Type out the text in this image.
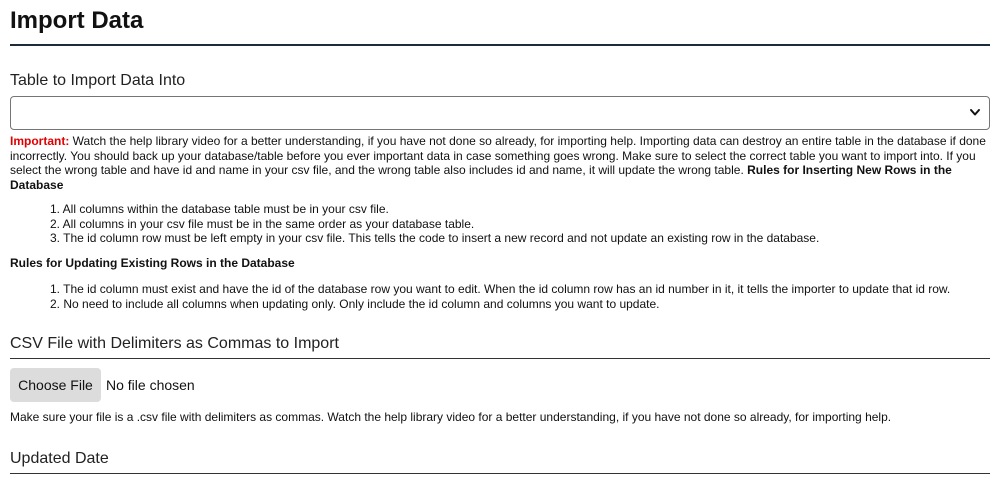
Import Data
Table to Import Data Into
Important: Watch the help library video for a better understanding, if you have not done so already, for importing help. Importing data can destroy an entire table in the database if done incorrectly. You should back up your database/table before you ever important data in case something goes wrong. Make sure to select the correct table you want to import into. If you select the wrong table and have id and name in your csv file, and the wrong table also includes id and name, it will update the wrong table. Rules for Inserting New Rows in the Database
1. All columns within the database table must be in your csv file.
2. All columns in your csv file must be in the same order as your database table.
3. The id column row must be left empty in your csv file. This tells the code to insert a new record and not update an existing row in the database.
Rules for Updating Existing Rows in the Database
1. The id column must exist and have the id of the database row you want to edit. When the id column row has an id number in it, it tells the importer to update that id row.
2. No need to include all columns when updating only. Only include the id column and columns you want to update.
CSV File with Delimiters as Commas to Import
Choose File No file chosen
Make sure your file is a .csv file with delimiters as commas. Watch the help library video for a better understanding, if you have not done so already, for importing help.
Updated Date
